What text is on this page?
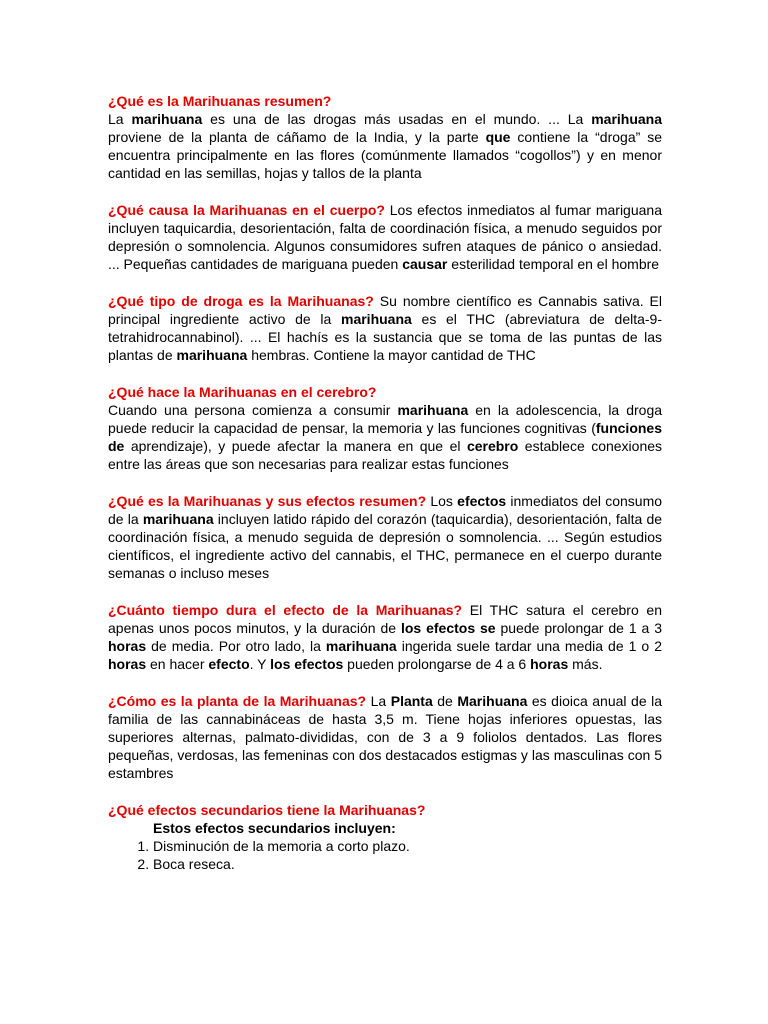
¿Qué es la Marihuanas resumen?
La marihuana es una de las drogas más usadas en el mundo. ... La marihuana proviene de la planta de cáñamo de la India, y la parte que contiene la “droga” se encuentra principalmente en las flores (comúnmente llamados “cogollos”) y en menor cantidad en las semillas, hojas y tallos de la planta

¿Qué causa la Marihuanas en el cuerpo? Los efectos inmediatos al fumar mariguana incluyen taquicardia, desorientación, falta de coordinación física, a menudo seguidos por depresión o somnolencia. Algunos consumidores sufren ataques de pánico o ansiedad. ... Pequeñas cantidades de mariguana pueden causar esterilidad temporal en el hombre

¿Qué tipo de droga es la Marihuanas? Su nombre científico es Cannabis sativa. El principal ingrediente activo de la marihuana es el THC (abreviatura de delta-9-tetrahidrocannabinol). ... El hachís es la sustancia que se toma de las puntas de las plantas de marihuana hembras. Contiene la mayor cantidad de THC

¿Qué hace la Marihuanas en el cerebro?
Cuando una persona comienza a consumir marihuana en la adolescencia, la droga puede reducir la capacidad de pensar, la memoria y las funciones cognitivas (funciones de aprendizaje), y puede afectar la manera en que el cerebro establece conexiones entre las áreas que son necesarias para realizar estas funciones

¿Qué es la Marihuanas y sus efectos resumen? Los efectos inmediatos del consumo de la marihuana incluyen latido rápido del corazón (taquicardia), desorientación, falta de coordinación física, a menudo seguida de depresión o somnolencia. ... Según estudios científicos, el ingrediente activo del cannabis, el THC, permanece en el cuerpo durante semanas o incluso meses

¿Cuánto tiempo dura el efecto de la Marihuanas? El THC satura el cerebro en apenas unos pocos minutos, y la duración de los efectos se puede prolongar de 1 a 3 horas de media. Por otro lado, la marihuana ingerida suele tardar una media de 1 o 2 horas en hacer efecto. Y los efectos pueden prolongarse de 4 a 6 horas más.

¿Cómo es la planta de la Marihuanas? La Planta de Marihuana es dioica anual de la familia de las cannabináceas de hasta 3,5 m. Tiene hojas inferiores opuestas, las superiores alternas, palmato-divididas, con de 3 a 9 foliolos dentados. Las flores pequeñas, verdosas, las femeninas con dos destacados estigmas y las masculinas con 5 estambres

¿Qué efectos secundarios tiene la Marihuanas?

Estos efectos secundarios incluyen:

1. Disminución de la memoria a corto plazo.
2. Boca reseca.
